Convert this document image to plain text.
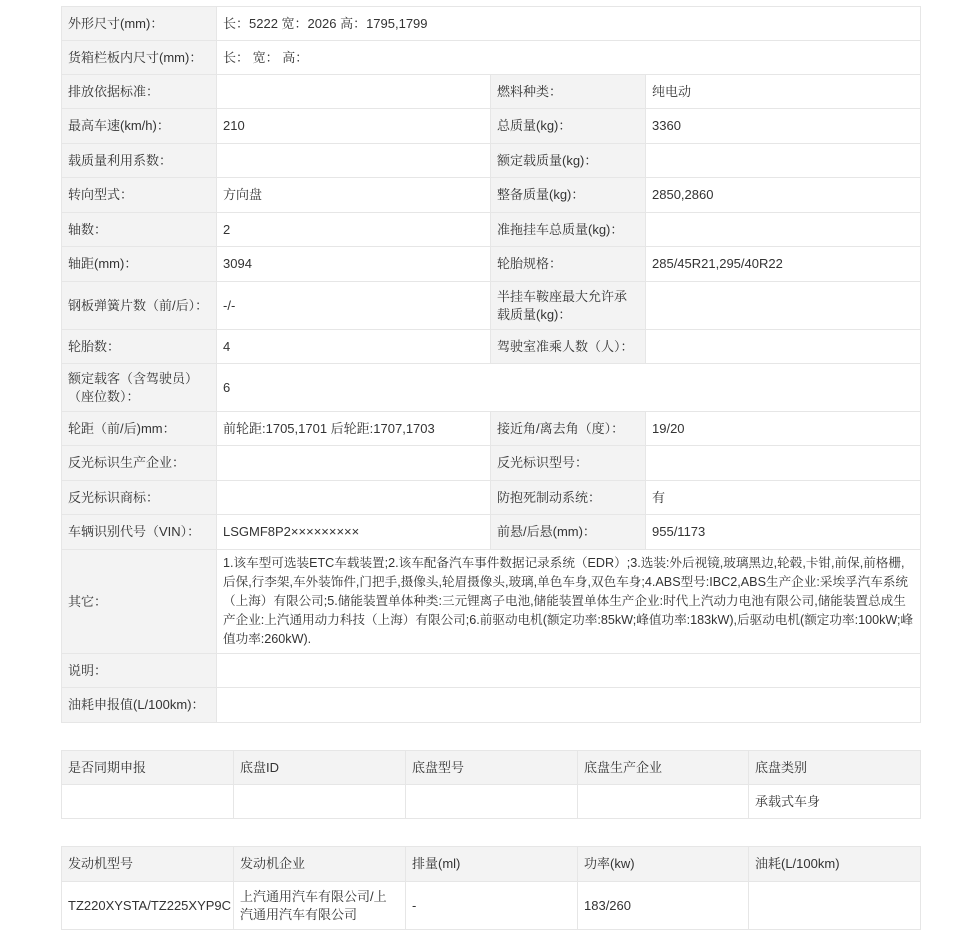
外形尺寸(mm)：	长：5222 宽：2026 高：1795,1799		
货箱栏板内尺寸(mm)：	长： 宽： 高：		
排放依据标准：		燃料种类：	纯电动
最高车速(km/h)：	210	总质量(kg)：	3360
载质量利用系数：		额定载质量(kg)：	
转向型式：	方向盘	整备质量(kg)：	2850,2860
轴数：	2	准拖挂车总质量(kg)：	
轴距(mm)：	3094	轮胎规格：	285/45R21,295/40R22
钢板弹簧片数（前/后）：	-/-	半挂车鞍座最大允许承载质量(kg)：	
轮胎数：	4	驾驶室准乘人数（人）：	
额定载客（含驾驶员）（座位数）：	6		
轮距（前/后)mm：	前轮距:1705,1701 后轮距:1707,1703	接近角/离去角（度）：	19/20
反光标识生产企业：		反光标识型号：	
反光标识商标：		防抱死制动系统：	有
车辆识别代号（VIN）：	LSGMF8P2×××××××××	前悬/后悬(mm)：	955/1173
其它：	1.该车型可选装ETC车载装置;2.该车配备汽车事件数据记录系统（EDR）;3.选装:外后视镜,玻璃黑边,轮毂,卡钳,前保,前格栅,后保,行李架,车外装饰件,门把手,摄像头,轮眉摄像头,玻璃,单色车身,双色车身;4.ABS型号:IBC2,ABS生产企业:采埃孚汽车系统（上海）有限公司;5.储能装置单体种类:三元锂离子电池,储能装置单体生产企业:时代上汽动力电池有限公司,储能装置总成生产企业:上汽通用动力科技（上海）有限公司;6.前驱动电机(额定功率:85kW;峰值功率:183kW),后驱动电机(额定功率:100kW;峰值功率:260kW).		
说明：			
油耗申报值(L/100km)：			
是否同期申报	底盘ID	底盘型号	底盘生产企业	底盘类别
				承载式车身
发动机型号	发动机企业	排量(ml)	功率(kw)	油耗(L/100km)
TZ220XYSTA/TZ225XYP9C	上汽通用汽车有限公司/上汽通用汽车有限公司	-	183/260	
